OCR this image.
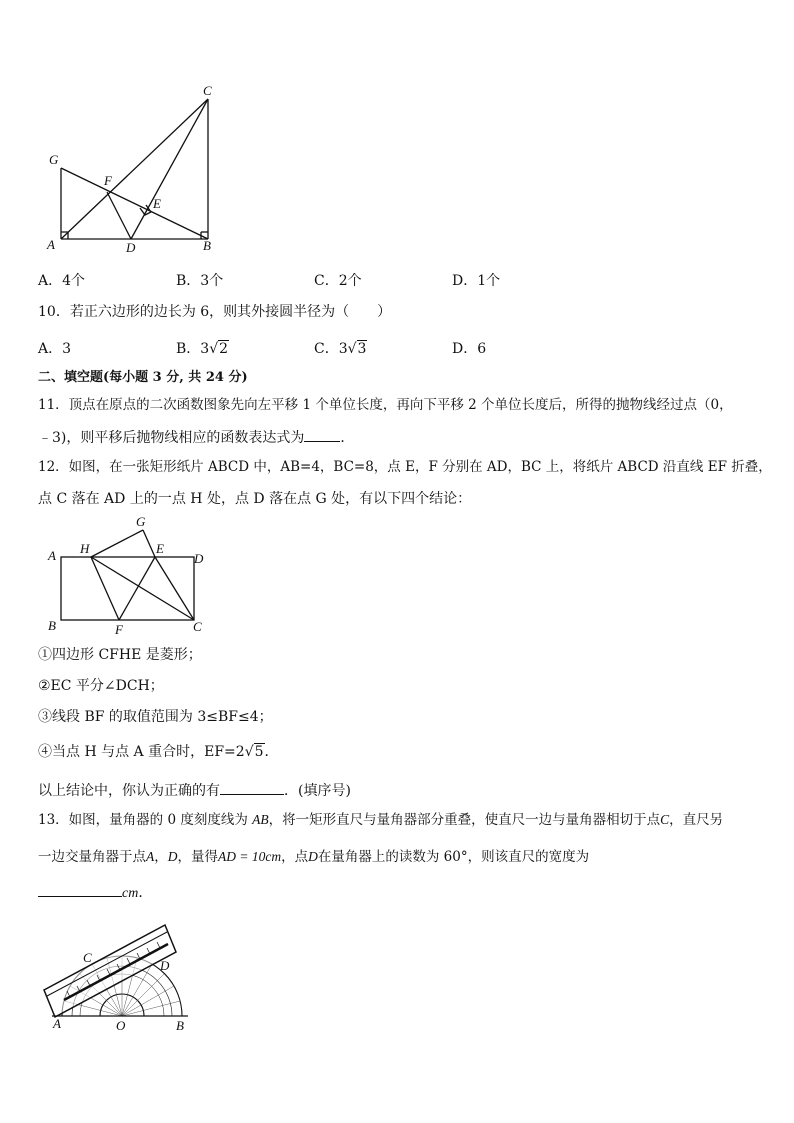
C
G
F
E
A	D	B
A．4个	B．3个	C．2个	D．1个
10．若正六边形的边长为 6，则其外接圆半径为（　　）
A．3	B．3√2	C．3√3	D．6
二、填空题(每小题 3 分, 共 24 分)
11．顶点在原点的二次函数图象先向左平移 1 个单位长度，再向下平移 2 个单位长度后，所得的抛物线经过点（0，
﹣3)，则平移后抛物线相应的函数表达式为	．
12．如图，在一张矩形纸片 ABCD 中，AB=4，BC=8，点 E，F 分别在 AD，BC 上，将纸片 ABCD 沿直线 EF 折叠，
点 C 落在 AD 上的一点 H 处，点 D 落在点 G 处，有以下四个结论：
G
A H	E
D
B	F	C
①四边形 CFHE 是菱形；
②EC 平分∠DCH；
③线段 BF 的取值范围为 3≤BF≤4；
④当点 H 与点 A 重合时，EF=2√5．
以上结论中，你认为正确的有	．(填序号)
13．如图，量角器的 0 度刻度线为 AB，将一矩形直尺与量角器部分重叠，使直尺一边与量角器相切于点C，直尺另
一边交量角器于点A，D，量得AD = 10cm，点D在量角器上的读数为 60°，则该直尺的宽度为
cm．
C
D
A	O	B
